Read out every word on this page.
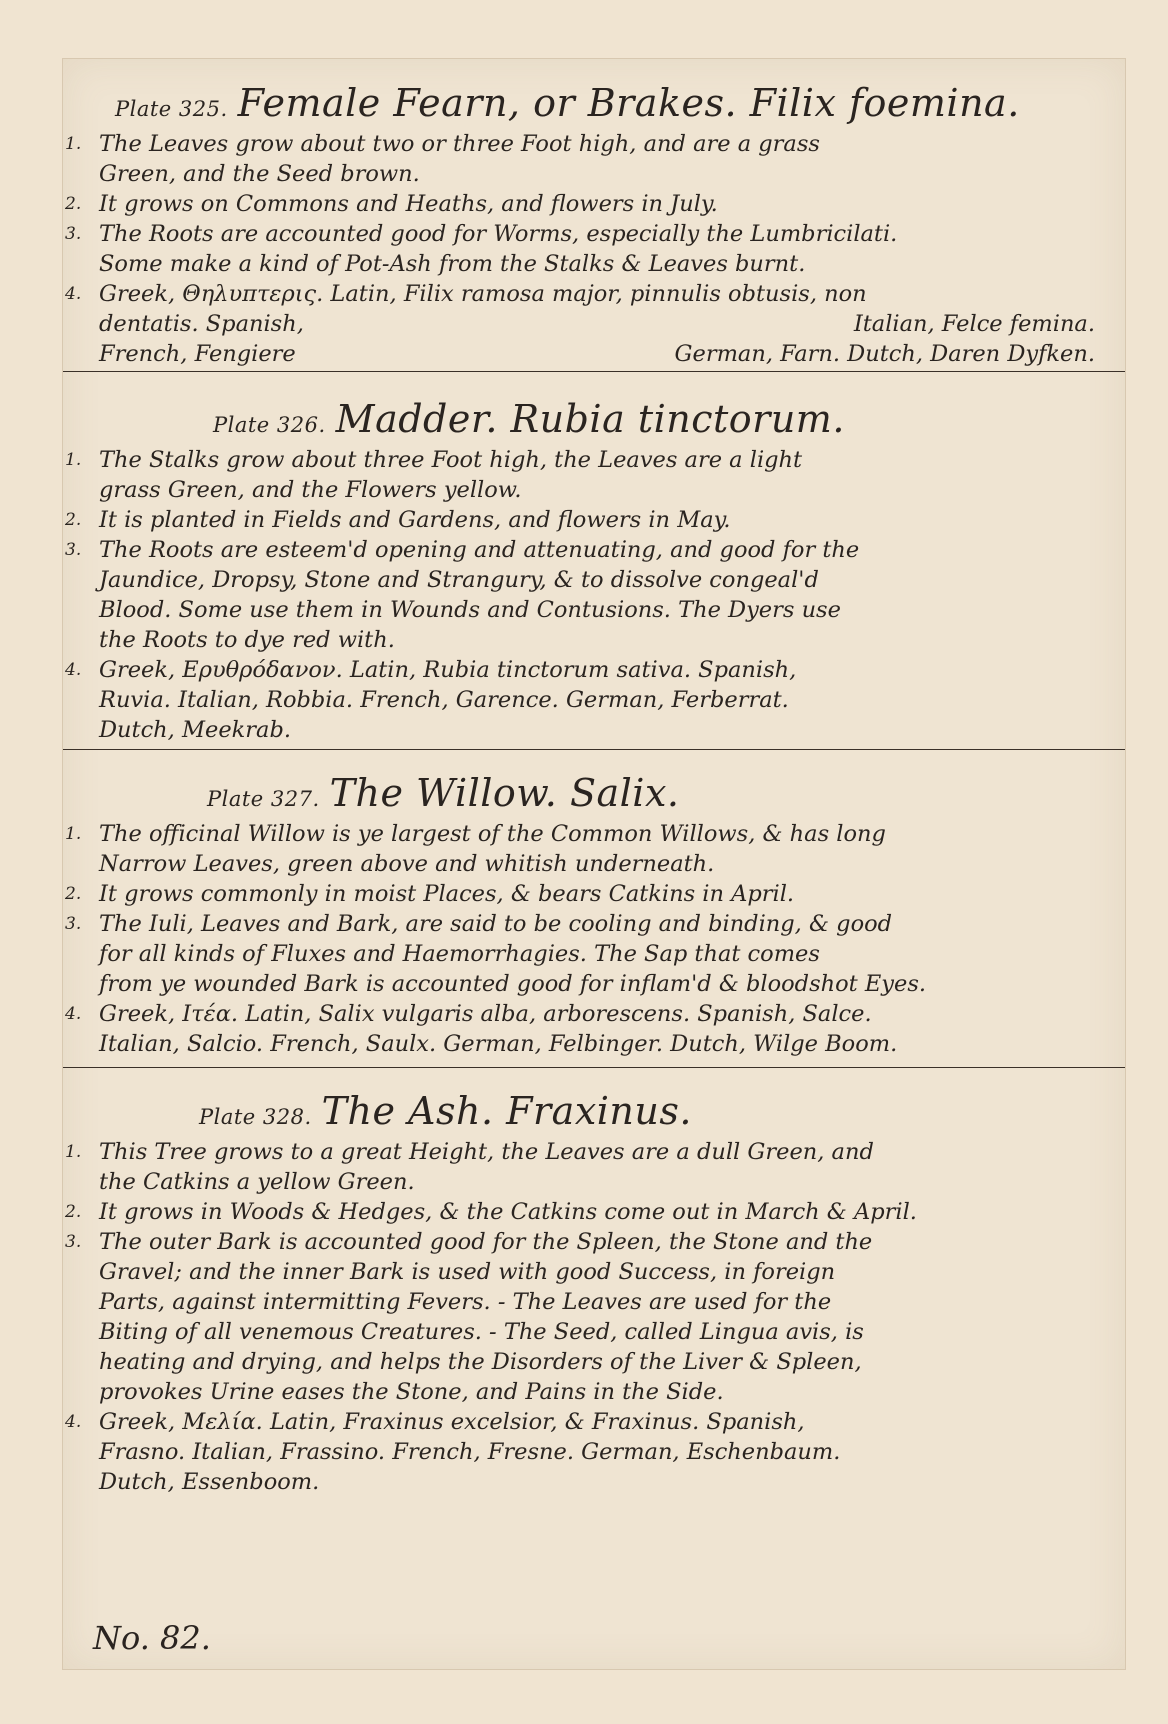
Plate 325. Female Fearn, or Brakes. Filix foemina.
1. The Leaves grow about two or three Foot high, and are a grass
Green, and the Seed brown.
2. It grows on Commons and Heaths, and flowers in July.
3. The Roots are accounted good for Worms, especially the Lumbricilati.
Some make a kind of Pot-Ash from the Stalks & Leaves burnt.
4. Greek, Θηλυπτερις. Latin, Filix ramosa major, pinnulis obtusis, non
dentatis. Spanish,	Italian, Felce femina.
French, Fengiere	German, Farn. Dutch, Daren Dyfken.
Plate 326. Madder. Rubia tinctorum.
1. The Stalks grow about three Foot high, the Leaves are a light
grass Green, and the Flowers yellow.
2. It is planted in Fields and Gardens, and flowers in May.
3. The Roots are esteem'd opening and attenuating, and good for the
Jaundice, Dropsy, Stone and Strangury, & to dissolve congeal'd
Blood. Some use them in Wounds and Contusions. The Dyers use
the Roots to dye red with.
4. Greek, Ερυθρόδανον. Latin, Rubia tinctorum sativa. Spanish,
Ruvia. Italian, Robbia. French, Garence. German, Ferberrat.
Dutch, Meekrab.
Plate 327. The Willow. Salix.
1. The officinal Willow is ye largest of the Common Willows, & has long
Narrow Leaves, green above and whitish underneath.
2. It grows commonly in moist Places, & bears Catkins in April.
3. The Iuli, Leaves and Bark, are said to be cooling and binding, & good
for all kinds of Fluxes and Haemorrhagies. The Sap that comes
from ye wounded Bark is accounted good for inflam'd & bloodshot Eyes.
4. Greek, Ιτέα. Latin, Salix vulgaris alba, arborescens. Spanish, Salce.
Italian, Salcio. French, Saulx. German, Felbinger. Dutch, Wilge Boom.
Plate 328. The Ash. Fraxinus.
1. This Tree grows to a great Height, the Leaves are a dull Green, and
the Catkins a yellow Green.
2. It grows in Woods & Hedges, & the Catkins come out in March & April.
3. The outer Bark is accounted good for the Spleen, the Stone and the
Gravel; and the inner Bark is used with good Success, in foreign
Parts, against intermitting Fevers. - The Leaves are used for the
Biting of all venemous Creatures. - The Seed, called Lingua avis, is
heating and drying, and helps the Disorders of the Liver & Spleen,
provokes Urine eases the Stone, and Pains in the Side.
4. Greek, Μελία. Latin, Fraxinus excelsior, & Fraxinus. Spanish,
Frasno. Italian, Frassino. French, Fresne. German, Eschenbaum.
Dutch, Essenboom.
No. 82.
